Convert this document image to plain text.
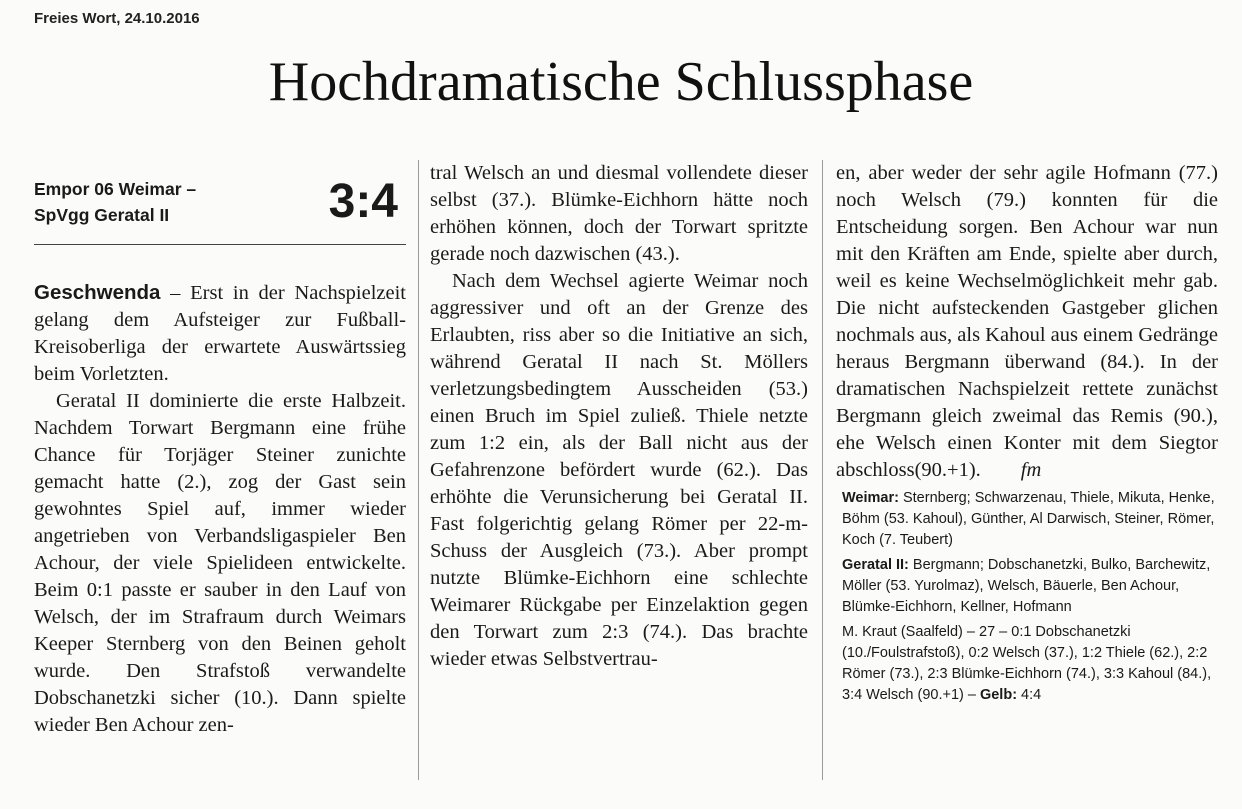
Freies Wort, 24.10.2016
Hochdramatische Schlussphase
Empor 06 Weimar –
SpVgg Geratal II	3:4

Geschwenda – Erst in der Nachspielzeit gelang dem Aufsteiger zur Fußball-Kreisoberliga der erwartete Auswärtssieg beim Vorletzten.

Geratal II dominierte die erste Halbzeit. Nachdem Torwart Bergmann eine frühe Chance für Torjäger Steiner zunichte gemacht hatte (2.), zog der Gast sein gewohntes Spiel auf, immer wieder angetrieben von Verbandsligaspieler Ben Achour, der viele Spielideen entwickelte. Beim 0:1 passte er sauber in den Lauf von Welsch, der im Strafraum durch Weimars Keeper Sternberg von den Beinen geholt wurde. Den Strafstoß verwandelte Dobschanetzki sicher (10.). Dann spielte wieder Ben Achour zen-

tral Welsch an und diesmal vollendete dieser selbst (37.). Blümke-Eichhorn hätte noch erhöhen können, doch der Torwart spritzte gerade noch dazwischen (43.).

Nach dem Wechsel agierte Weimar noch aggressiver und oft an der Grenze des Erlaubten, riss aber so die Initiative an sich, während Geratal II nach St. Möllers verletzungsbedingtem Ausscheiden (53.) einen Bruch im Spiel zuließ. Thiele netzte zum 1:2 ein, als der Ball nicht aus der Gefahrenzone befördert wurde (62.). Das erhöhte die Verunsicherung bei Geratal II. Fast folgerichtig gelang Römer per 22-m-Schuss der Ausgleich (73.). Aber prompt nutzte Blümke-Eichhorn eine schlechte Weimarer Rückgabe per Einzelaktion gegen den Torwart zum 2:3 (74.). Das brachte wieder etwas Selbstvertrau-

en, aber weder der sehr agile Hofmann (77.) noch Welsch (79.) konnten für die Entscheidung sorgen. Ben Achour war nun mit den Kräften am Ende, spielte aber durch, weil es keine Wechselmöglichkeit mehr gab. Die nicht aufsteckenden Gastgeber glichen nochmals aus, als Kahoul aus einem Gedränge heraus Bergmann überwand (84.). In der dramatischen Nachspielzeit rettete zunächst Bergmann gleich zweimal das Remis (90.), ehe Welsch einen Konter mit dem Siegtor abschloss(90.+1). fm

Weimar: Sternberg; Schwarzenau, Thiele, Mikuta, Henke, Böhm (53. Kahoul), Günther, Al Darwisch, Steiner, Römer, Koch (7. Teubert)

Geratal II: Bergmann; Dobschanetzki, Bulko, Barchewitz, Möller (53. Yurolmaz), Welsch, Bäuerle, Ben Achour, Blümke-Eichhorn, Kellner, Hofmann

M. Kraut (Saalfeld) – 27 – 0:1 Dobschanetzki (10./Foulstrafstoß), 0:2 Welsch (37.), 1:2 Thiele (62.), 2:2 Römer (73.), 2:3 Blümke-Eichhorn (74.), 3:3 Kahoul (84.), 3:4 Welsch (90.+1) – Gelb: 4:4
